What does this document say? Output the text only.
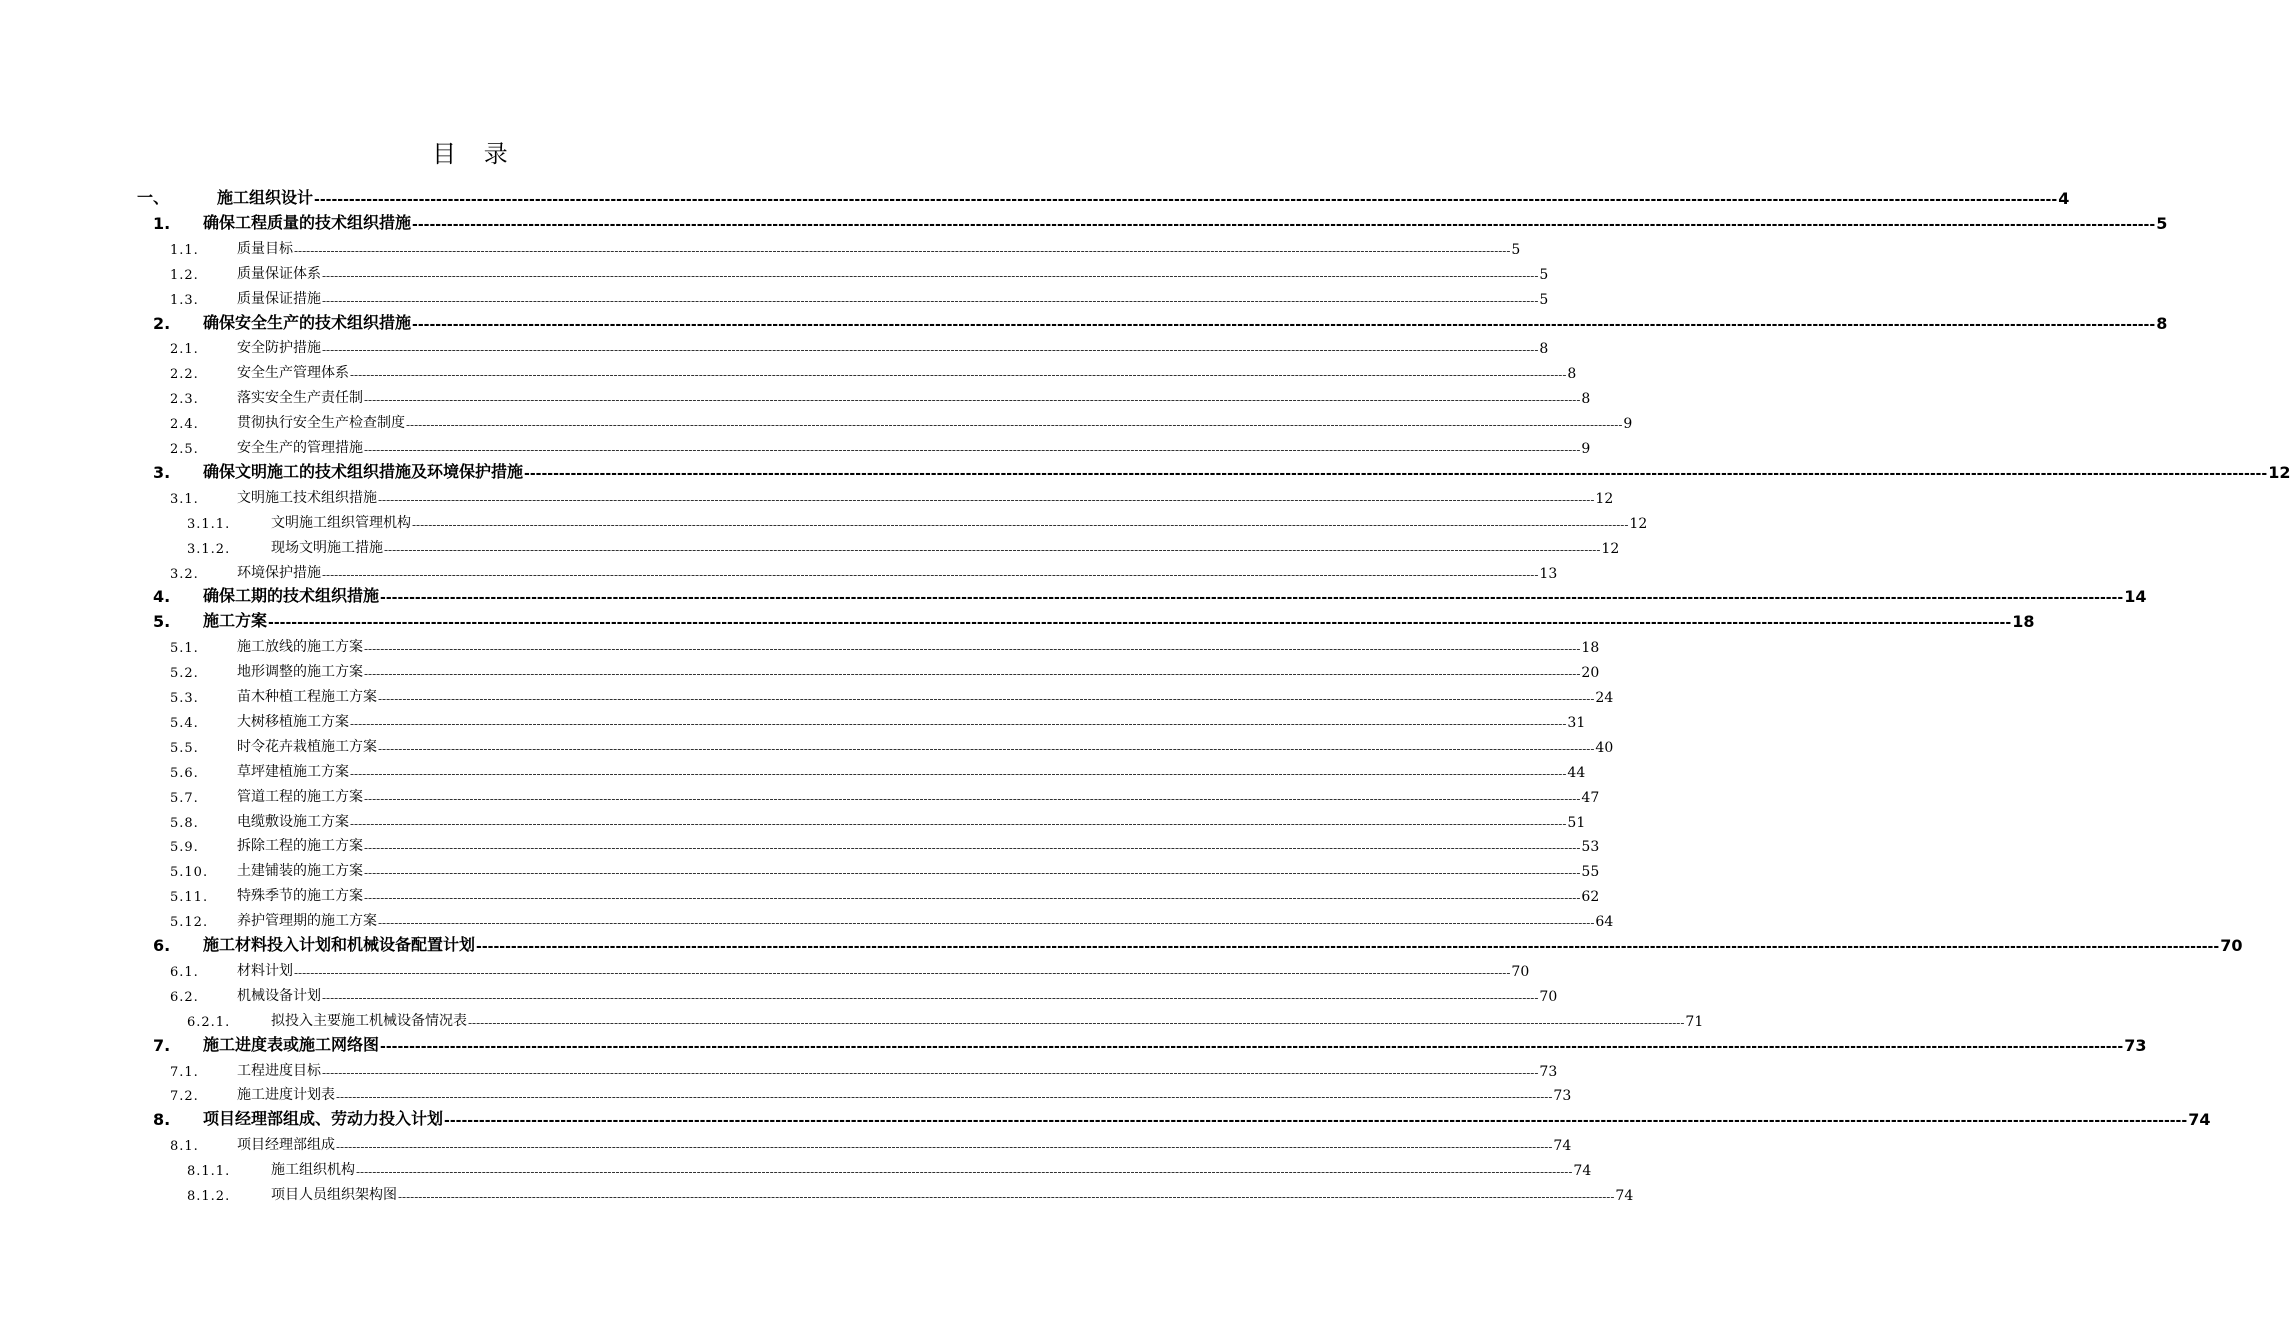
目 录
一、	施工组织设计 ------------------------------------------------------------------------------------------------------------------------------------------------------------------------------------------------------------------------------------------------------------------------------------------------------------ 4
1.	确保工程质量的技术组织措施 ------------------------------------------------------------------------------------------------------------------------------------------------------------------------------------------------------------------------------------------------------------------------------------------------------------ 5
1.1.	质量目标 ------------------------------------------------------------------------------------------------------------------------------------------------------------------------------------------------------------------------------------------------------------------------------------------------------------ 5
1.2.	质量保证体系 ------------------------------------------------------------------------------------------------------------------------------------------------------------------------------------------------------------------------------------------------------------------------------------------------------------ 5
1.3.	质量保证措施 ------------------------------------------------------------------------------------------------------------------------------------------------------------------------------------------------------------------------------------------------------------------------------------------------------------ 5
2.	确保安全生产的技术组织措施 ------------------------------------------------------------------------------------------------------------------------------------------------------------------------------------------------------------------------------------------------------------------------------------------------------------ 8
2.1.	安全防护措施 ------------------------------------------------------------------------------------------------------------------------------------------------------------------------------------------------------------------------------------------------------------------------------------------------------------ 8
2.2.	安全生产管理体系 ------------------------------------------------------------------------------------------------------------------------------------------------------------------------------------------------------------------------------------------------------------------------------------------------------------ 8
2.3.	落实安全生产责任制 ------------------------------------------------------------------------------------------------------------------------------------------------------------------------------------------------------------------------------------------------------------------------------------------------------------ 8
2.4.	贯彻执行安全生产检查制度 ------------------------------------------------------------------------------------------------------------------------------------------------------------------------------------------------------------------------------------------------------------------------------------------------------------ 9
2.5.	安全生产的管理措施 ------------------------------------------------------------------------------------------------------------------------------------------------------------------------------------------------------------------------------------------------------------------------------------------------------------ 9
3.	确保文明施工的技术组织措施及环境保护措施 ------------------------------------------------------------------------------------------------------------------------------------------------------------------------------------------------------------------------------------------------------------------------------------------------------------ 12
3.1.	文明施工技术组织措施 ------------------------------------------------------------------------------------------------------------------------------------------------------------------------------------------------------------------------------------------------------------------------------------------------------------ 12
3.1.1.	文明施工组织管理机构 ------------------------------------------------------------------------------------------------------------------------------------------------------------------------------------------------------------------------------------------------------------------------------------------------------------ 12
3.1.2.	现场文明施工措施 ------------------------------------------------------------------------------------------------------------------------------------------------------------------------------------------------------------------------------------------------------------------------------------------------------------ 12
3.2.	环境保护措施 ------------------------------------------------------------------------------------------------------------------------------------------------------------------------------------------------------------------------------------------------------------------------------------------------------------ 13
4.	确保工期的技术组织措施 ------------------------------------------------------------------------------------------------------------------------------------------------------------------------------------------------------------------------------------------------------------------------------------------------------------ 14
5.	施工方案 ------------------------------------------------------------------------------------------------------------------------------------------------------------------------------------------------------------------------------------------------------------------------------------------------------------ 18
5.1.	施工放线的施工方案 ------------------------------------------------------------------------------------------------------------------------------------------------------------------------------------------------------------------------------------------------------------------------------------------------------------ 18
5.2.	地形调整的施工方案 ------------------------------------------------------------------------------------------------------------------------------------------------------------------------------------------------------------------------------------------------------------------------------------------------------------ 20
5.3.	苗木种植工程施工方案 ------------------------------------------------------------------------------------------------------------------------------------------------------------------------------------------------------------------------------------------------------------------------------------------------------------ 24
5.4.	大树移植施工方案 ------------------------------------------------------------------------------------------------------------------------------------------------------------------------------------------------------------------------------------------------------------------------------------------------------------ 31
5.5.	时令花卉栽植施工方案 ------------------------------------------------------------------------------------------------------------------------------------------------------------------------------------------------------------------------------------------------------------------------------------------------------------ 40
5.6.	草坪建植施工方案 ------------------------------------------------------------------------------------------------------------------------------------------------------------------------------------------------------------------------------------------------------------------------------------------------------------ 44
5.7.	管道工程的施工方案 ------------------------------------------------------------------------------------------------------------------------------------------------------------------------------------------------------------------------------------------------------------------------------------------------------------ 47
5.8.	电缆敷设施工方案 ------------------------------------------------------------------------------------------------------------------------------------------------------------------------------------------------------------------------------------------------------------------------------------------------------------ 51
5.9.	拆除工程的施工方案 ------------------------------------------------------------------------------------------------------------------------------------------------------------------------------------------------------------------------------------------------------------------------------------------------------------ 53
5.10.	土建铺装的施工方案 ------------------------------------------------------------------------------------------------------------------------------------------------------------------------------------------------------------------------------------------------------------------------------------------------------------ 55
5.11.	特殊季节的施工方案 ------------------------------------------------------------------------------------------------------------------------------------------------------------------------------------------------------------------------------------------------------------------------------------------------------------ 62
5.12.	养护管理期的施工方案 ------------------------------------------------------------------------------------------------------------------------------------------------------------------------------------------------------------------------------------------------------------------------------------------------------------ 64
6.	施工材料投入计划和机械设备配置计划 ------------------------------------------------------------------------------------------------------------------------------------------------------------------------------------------------------------------------------------------------------------------------------------------------------------ 70
6.1.	材料计划 ------------------------------------------------------------------------------------------------------------------------------------------------------------------------------------------------------------------------------------------------------------------------------------------------------------ 70
6.2.	机械设备计划 ------------------------------------------------------------------------------------------------------------------------------------------------------------------------------------------------------------------------------------------------------------------------------------------------------------ 70
6.2.1.	拟投入主要施工机械设备情况表 ------------------------------------------------------------------------------------------------------------------------------------------------------------------------------------------------------------------------------------------------------------------------------------------------------------ 71
7.	施工进度表或施工网络图 ------------------------------------------------------------------------------------------------------------------------------------------------------------------------------------------------------------------------------------------------------------------------------------------------------------ 73
7.1.	工程进度目标 ------------------------------------------------------------------------------------------------------------------------------------------------------------------------------------------------------------------------------------------------------------------------------------------------------------ 73
7.2.	施工进度计划表 ------------------------------------------------------------------------------------------------------------------------------------------------------------------------------------------------------------------------------------------------------------------------------------------------------------ 73
8.	项目经理部组成、劳动力投入计划 ------------------------------------------------------------------------------------------------------------------------------------------------------------------------------------------------------------------------------------------------------------------------------------------------------------ 74
8.1.	项目经理部组成 ------------------------------------------------------------------------------------------------------------------------------------------------------------------------------------------------------------------------------------------------------------------------------------------------------------ 74
8.1.1.	施工组织机构 ------------------------------------------------------------------------------------------------------------------------------------------------------------------------------------------------------------------------------------------------------------------------------------------------------------ 74
8.1.2.	项目人员组织架构图 ------------------------------------------------------------------------------------------------------------------------------------------------------------------------------------------------------------------------------------------------------------------------------------------------------------ 74
